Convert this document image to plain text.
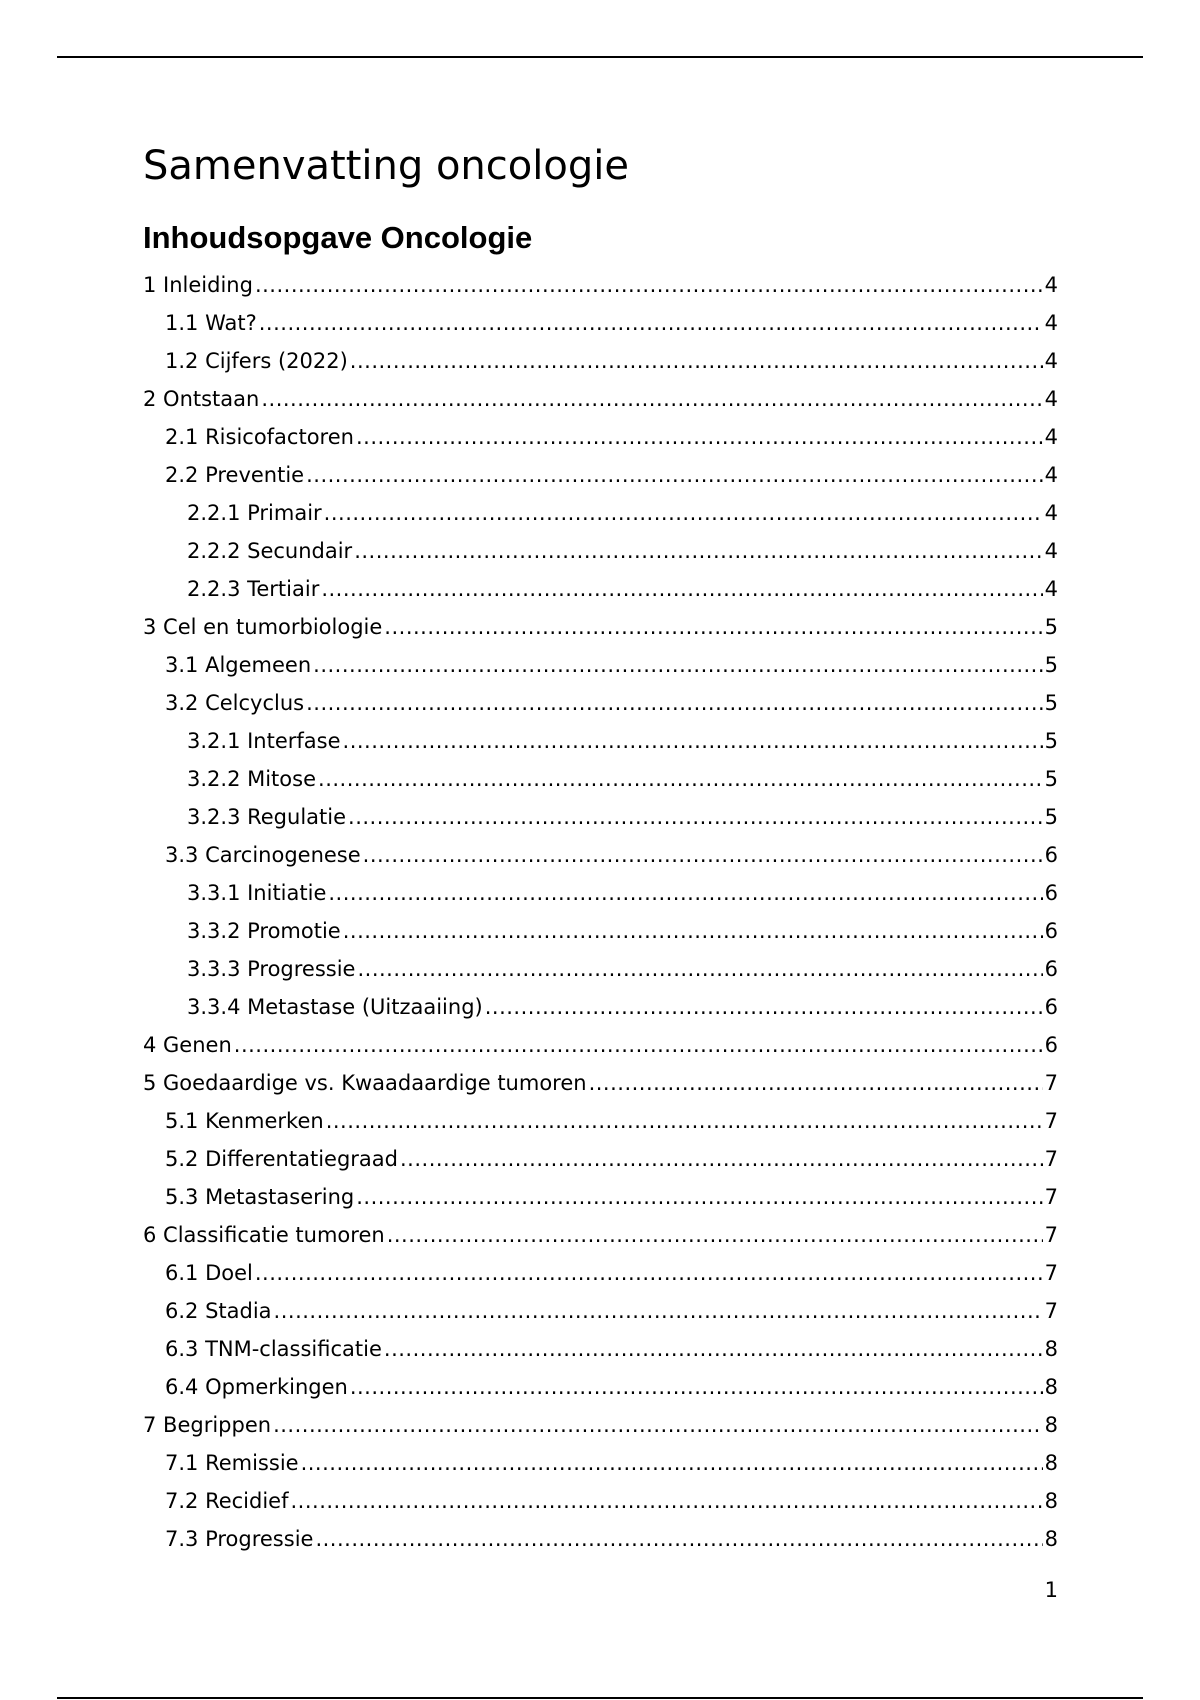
Samenvatting oncologie
Inhoudsopgave Oncologie
1 Inleiding .....	4
1.1 Wat? .....	4
1.2 Cijfers (2022) .....	4
2 Ontstaan .....	4
2.1 Risicofactoren .....	4
2.2 Preventie .....	4
2.2.1 Primair .....	4
2.2.2 Secundair .....	4
2.2.3 Tertiair .....	4
3 Cel en tumorbiologie .....	5
3.1 Algemeen .....	5
3.2 Celcyclus .....	5
3.2.1 Interfase .....	5
3.2.2 Mitose .....	5
3.2.3 Regulatie .....	5
3.3 Carcinogenese .....	6
3.3.1 Initiatie .....	6
3.3.2 Promotie .....	6
3.3.3 Progressie .....	6
3.3.4 Metastase (Uitzaaiing) .....	6
4 Genen .....	6
5 Goedaardige vs. Kwaadaardige tumoren .....	7
5.1 Kenmerken .....	7
5.2 Differentatiegraad .....	7
5.3 Metastasering .....	7
6 Classificatie tumoren .....	7
6.1 Doel .....	7
6.2 Stadia .....	7
6.3 TNM-classificatie .....	8
6.4 Opmerkingen .....	8
7 Begrippen .....	8
7.1 Remissie .....	8
7.2 Recidief .....	8
7.3 Progressie .....	8
1
